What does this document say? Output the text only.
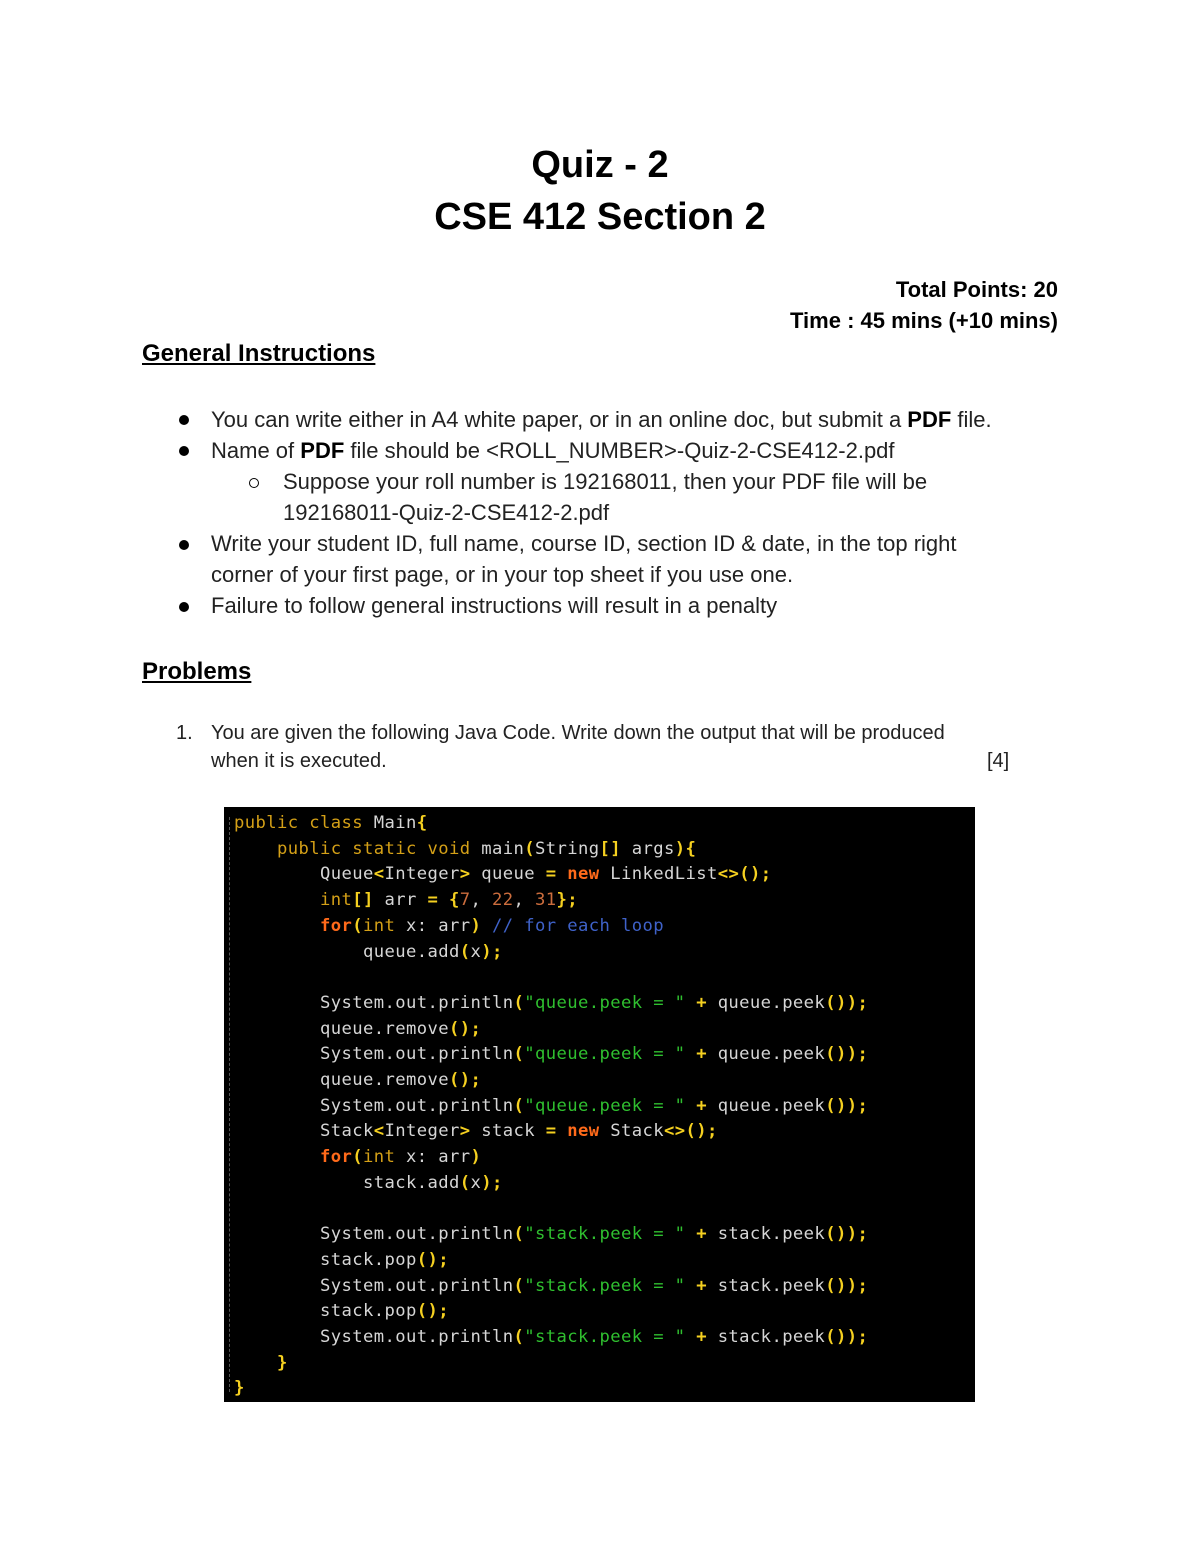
Quiz - 2
CSE 412 Section 2
Total Points: 20
Time : 45 mins (+10 mins)
General Instructions
You can write either in A4 white paper, or in an online doc, but submit a PDF file.
Name of PDF file should be <ROLL_NUMBER>-Quiz-2-CSE412-2.pdf
Suppose your roll number is 192168011, then your PDF file will be
192168011-Quiz-2-CSE412-2.pdf
Write your student ID, full name, course ID, section ID & date, in the top right
corner of your first page, or in your top sheet if you use one.
Failure to follow general instructions will result in a penalty
Problems
1. You are given the following Java Code. Write down the output that will be produced
when it is executed.	[4]
public class Main{
public static void main(String[] args){
Queue<Integer> queue = new LinkedList<>();
int[] arr = {7, 22, 31};
for(int x: arr) // for each loop
queue.add(x);

System.out.println("queue.peek = " + queue.peek());
queue.remove();
System.out.println("queue.peek = " + queue.peek());
queue.remove();
System.out.println("queue.peek = " + queue.peek());
Stack<Integer> stack = new Stack<>();
for(int x: arr)
stack.add(x);

System.out.println("stack.peek = " + stack.peek());
stack.pop();
System.out.println("stack.peek = " + stack.peek());
stack.pop();
System.out.println("stack.peek = " + stack.peek());
}
}
